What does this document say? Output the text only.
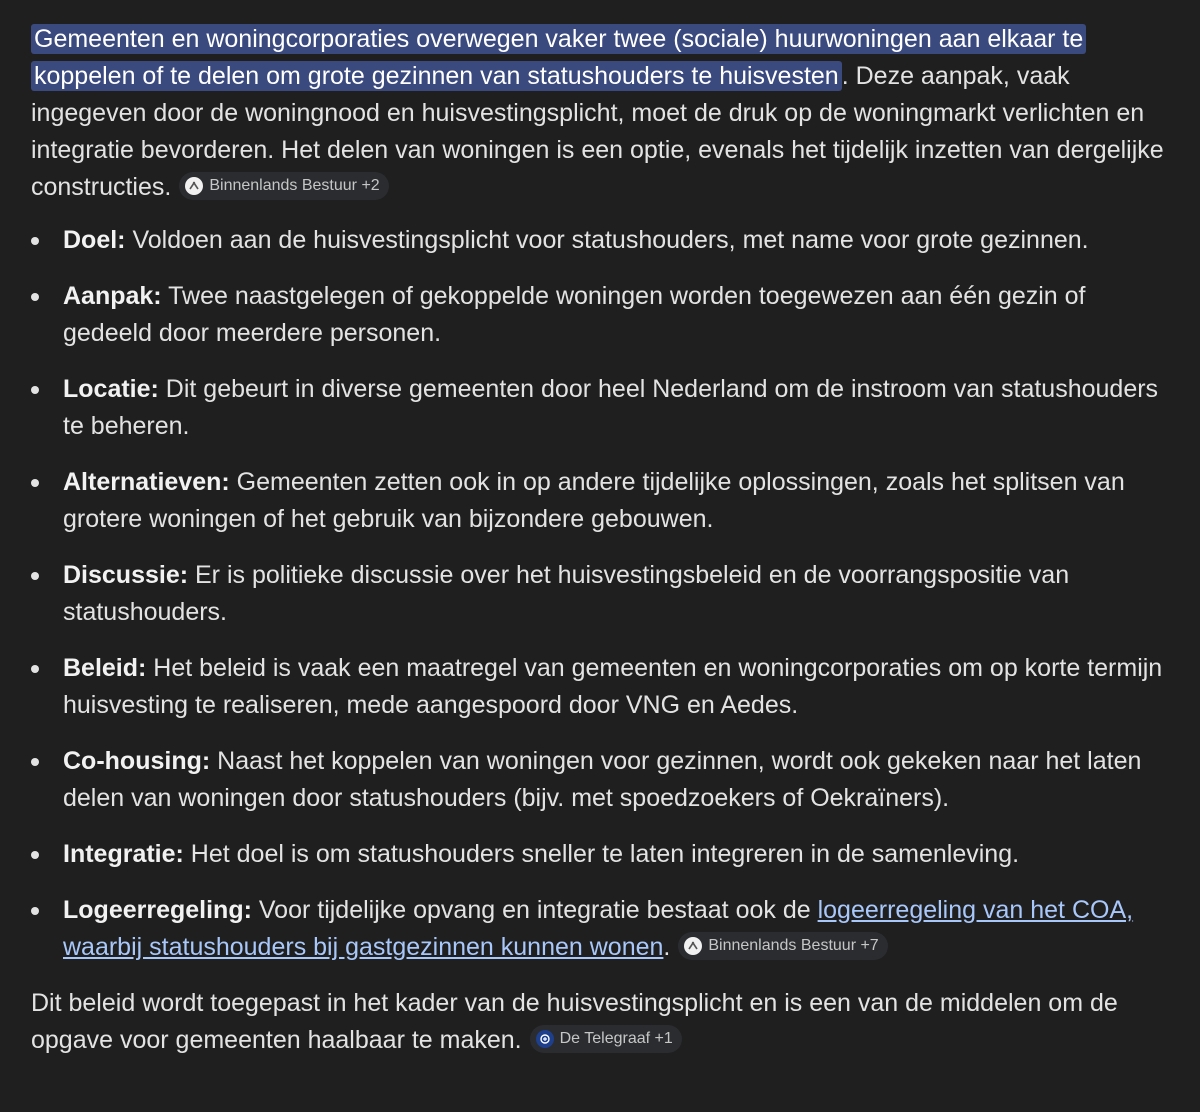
Gemeenten en woningcorporaties overwegen vaker twee (sociale) huurwoningen aan elkaar te koppelen of te delen om grote gezinnen van statushouders te huisvesten . Deze aanpak, vaak ingegeven door de woningnood en huisvestingsplicht, moet de druk op de woningmarkt verlichten en integratie bevorderen. Het delen van woningen is een optie, evenals het tijdelijk inzetten van dergelijke constructies. Binnenlands Bestuur +2

Doel: Voldoen aan de huisvestingsplicht voor statushouders, met name voor grote gezinnen.
Aanpak: Twee naastgelegen of gekoppelde woningen worden toegewezen aan één gezin of gedeeld door meerdere personen.
Locatie: Dit gebeurt in diverse gemeenten door heel Nederland om de instroom van statushouders te beheren.
Alternatieven: Gemeenten zetten ook in op andere tijdelijke oplossingen, zoals het splitsen van grotere woningen of het gebruik van bijzondere gebouwen.
Discussie: Er is politieke discussie over het huisvestingsbeleid en de voorrangspositie van statushouders.
Beleid: Het beleid is vaak een maatregel van gemeenten en woningcorporaties om op korte termijn huisvesting te realiseren, mede aangespoord door VNG en Aedes.
Co-housing: Naast het koppelen van woningen voor gezinnen, wordt ook gekeken naar het laten delen van woningen door statushouders (bijv. met spoedzoekers of Oekraïners).
Integratie: Het doel is om statushouders sneller te laten integreren in de samenleving.
Logeerregeling: Voor tijdelijke opvang en integratie bestaat ook de logeerregeling van het COA, waarbij statushouders bij gastgezinnen kunnen wonen. Binnenlands Bestuur +7

Dit beleid wordt toegepast in het kader van de huisvestingsplicht en is een van de middelen om de opgave voor gemeenten haalbaar te maken. De Telegraaf +1
